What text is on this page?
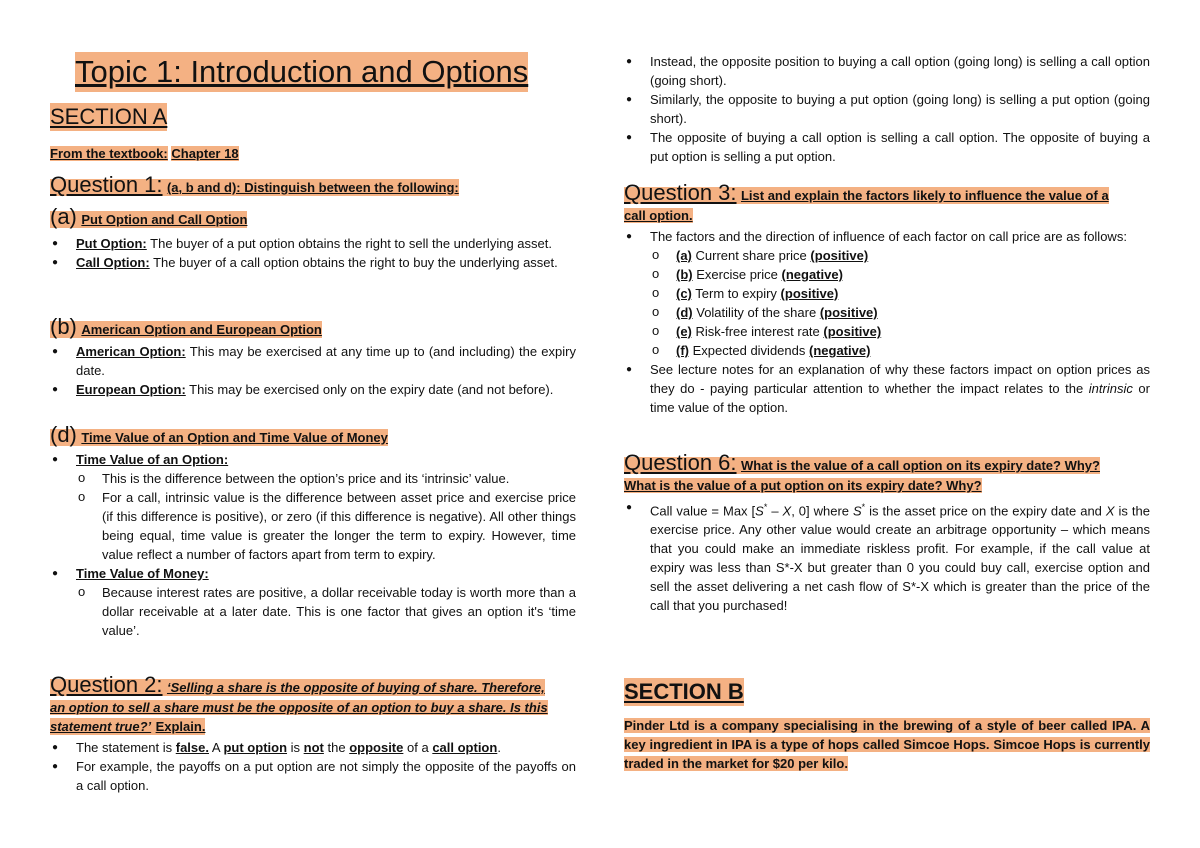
Topic 1: Introduction and Options
SECTION A
From the textbook: Chapter 18
Question 1: (a, b and d): Distinguish between the following:
(a) Put Option and Call Option
● Put Option: The buyer of a put option obtains the right to sell the underlying asset.
● Call Option: The buyer of a call option obtains the right to buy the underlying asset.
(b) American Option and European Option
● American Option: This may be exercised at any time up to (and including) the expiry date.
● European Option: This may be exercised only on the expiry date (and not before).
(d) Time Value of an Option and Time Value of Money
● Time Value of an Option:
o This is the difference between the option’s price and its ‘intrinsic’ value.
o For a call, intrinsic value is the difference between asset price and exercise price (if this difference is positive), or zero (if this difference is negative). All other things being equal, time value is greater the longer the term to expiry. However, time value reflect a number of factors apart from term to expiry.
● Time Value of Money:
o Because interest rates are positive, a dollar receivable today is worth more than a dollar receivable at a later date. This is one factor that gives an option it's ‘time value’.
Question 2: ‘Selling a share is the opposite of buying of share. Therefore,
an option to sell a share must be the opposite of an option to buy a share. Is this
statement true?’ Explain.
● The statement is false. A put option is not the opposite of a call option.
● For example, the payoffs on a put option are not simply the opposite of the payoffs on a call option.
● Instead, the opposite position to buying a call option (going long) is selling a call option (going short).
● Similarly, the opposite to buying a put option (going long) is selling a put option (going short).
● The opposite of buying a call option is selling a call option. The opposite of buying a put option is selling a put option.
Question 3: List and explain the factors likely to influence the value of a
call option.
● The factors and the direction of influence of each factor on call price are as follows:
o (a) Current share price (positive)
o (b) Exercise price (negative)
o (c) Term to expiry (positive)
o (d) Volatility of the share (positive)
o (e) Risk-free interest rate (positive)
o (f) Expected dividends (negative)
● See lecture notes for an explanation of why these factors impact on option prices as they do - paying particular attention to whether the impact relates to the intrinsic or time value of the option.
Question 6: What is the value of a call option on its expiry date? Why?
What is the value of a put option on its expiry date? Why?
● Call value = Max [S* – X, 0] where S* is the asset price on the expiry date and X is the exercise price. Any other value would create an arbitrage opportunity – which means that you could make an immediate riskless profit. For example, if the call value at expiry was less than S*-X but greater than 0 you could buy call, exercise option and sell the asset delivering a net cash flow of S*-X which is greater than the price of the call that you purchased!
SECTION B
Pinder Ltd is a company specialising in the brewing of a style of beer called IPA. A key ingredient in IPA is a type of hops called Simcoe Hops. Simcoe Hops is currently traded in the market for $20 per kilo.
